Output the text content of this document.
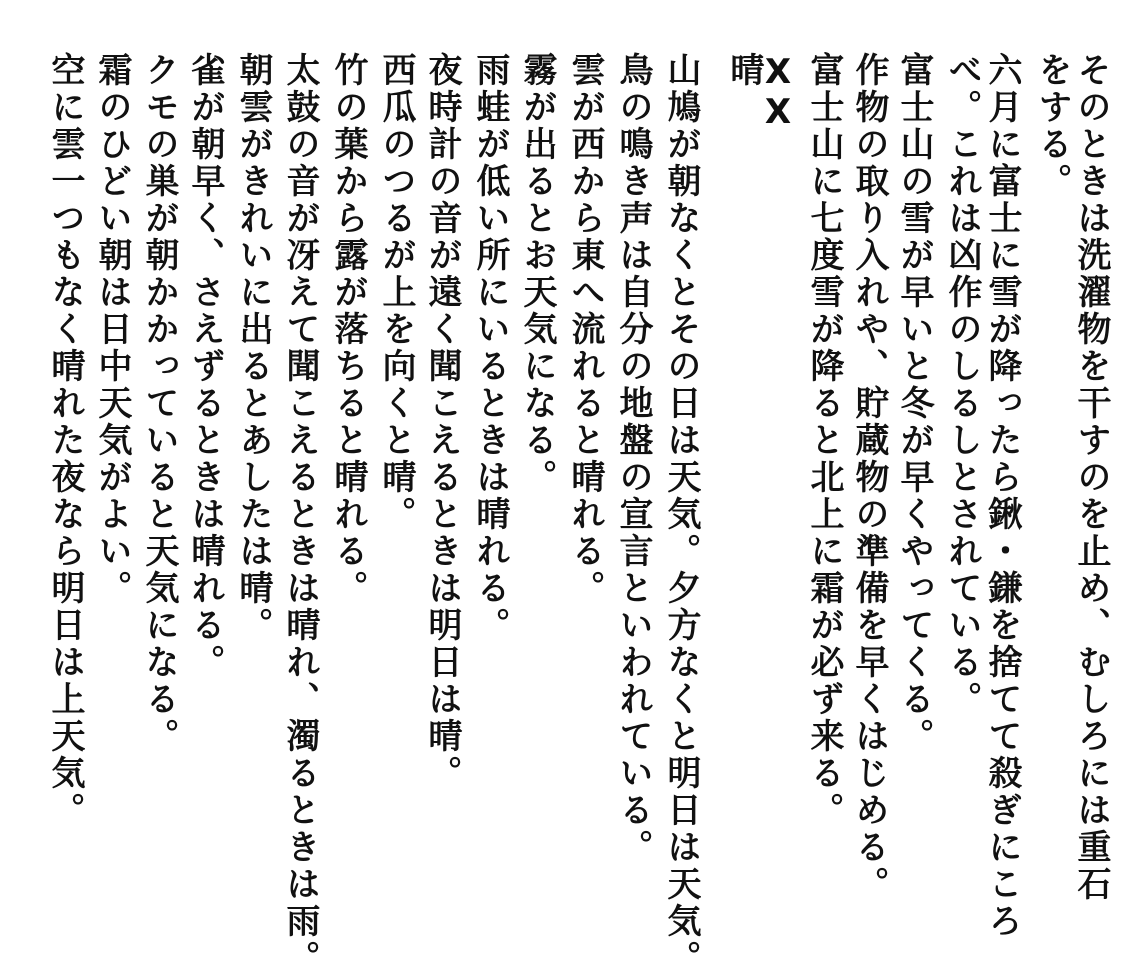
そのときは洗濯物を干すのを止め、むしろには重石
をする。
六月に富士に雪が降ったら鍬・鎌を捨てて殺ぎにころ
べ。これは凶作のしるしとされている。
富士山の雪が早いと冬が早くやってくる。
作物の取り入れや、貯蔵物の準備を早くはじめる。
富士山に七度雪が降ると北上に霜が必ず来る。
XX
晴
山鳩が朝なくとその日は天気。夕方なくと明日は天気。
鳥の鳴き声は自分の地盤の宣言といわれている。
雲が西から東へ流れると晴れる。
霧が出るとお天気になる。
雨蛙が低い所にいるときは晴れる。
夜時計の音が遠く聞こえるときは明日は晴。
西瓜のつるが上を向くと晴。
竹の葉から露が落ちると晴れる。
太鼓の音が冴えて聞こえるときは晴れ、濁るときは雨。
朝雲がきれいに出るとあしたは晴。
雀が朝早く、さえずるときは晴れる。
クモの巣が朝かかっていると天気になる。
霜のひどい朝は日中天気がよい。
空に雲一つもなく晴れた夜なら明日は上天気。
